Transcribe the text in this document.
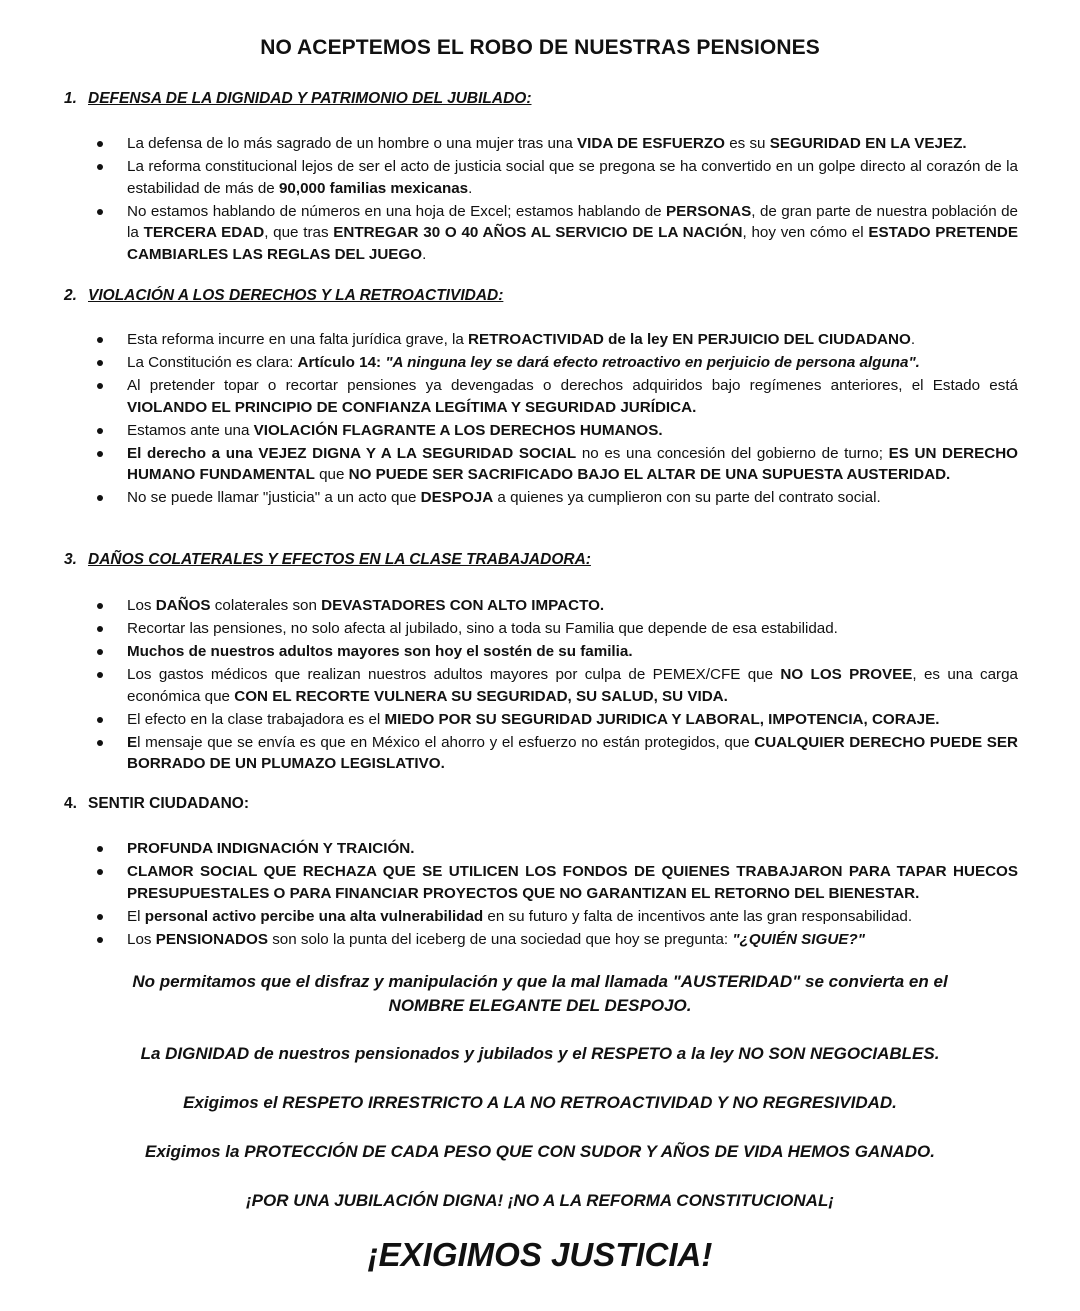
NO ACEPTEMOS EL ROBO DE NUESTRAS PENSIONES
1. DEFENSA DE LA DIGNIDAD Y PATRIMONIO DEL JUBILADO:
La defensa de lo más sagrado de un hombre o una mujer tras una VIDA DE ESFUERZO es su SEGURIDAD EN LA VEJEZ.
La reforma constitucional lejos de ser el acto de justicia social que se pregona se ha convertido en un golpe directo al corazón de la estabilidad de más de 90,000 familias mexicanas.
No estamos hablando de números en una hoja de Excel; estamos hablando de PERSONAS, de gran parte de nuestra población de la TERCERA EDAD, que tras ENTREGAR 30 O 40 AÑOS AL SERVICIO DE LA NACIÓN, hoy ven cómo el ESTADO PRETENDE CAMBIARLES LAS REGLAS DEL JUEGO.
2. VIOLACIÓN A LOS DERECHOS Y LA RETROACTIVIDAD:
Esta reforma incurre en una falta jurídica grave, la RETROACTIVIDAD de la ley EN PERJUICIO DEL CIUDADANO.
La Constitución es clara: Artículo 14: "A ninguna ley se dará efecto retroactivo en perjuicio de persona alguna".
Al pretender topar o recortar pensiones ya devengadas o derechos adquiridos bajo regímenes anteriores, el Estado está VIOLANDO EL PRINCIPIO DE CONFIANZA LEGÍTIMA Y SEGURIDAD JURÍDICA.
Estamos ante una VIOLACIÓN FLAGRANTE A LOS DERECHOS HUMANOS.
El derecho a una VEJEZ DIGNA Y A LA SEGURIDAD SOCIAL no es una concesión del gobierno de turno; ES UN DERECHO HUMANO FUNDAMENTAL que NO PUEDE SER SACRIFICADO BAJO EL ALTAR DE UNA SUPUESTA AUSTERIDAD.
No se puede llamar "justicia" a un acto que DESPOJA a quienes ya cumplieron con su parte del contrato social.
3. DAÑOS COLATERALES Y EFECTOS EN LA CLASE TRABAJADORA:
Los DAÑOS colaterales son DEVASTADORES CON ALTO IMPACTO.
Recortar las pensiones, no solo afecta al jubilado, sino a toda su Familia que depende de esa estabilidad.
Muchos de nuestros adultos mayores son hoy el sostén de su familia.
Los gastos médicos que realizan nuestros adultos mayores por culpa de PEMEX/CFE que NO LOS PROVEE, es una carga económica que CON EL RECORTE VULNERA SU SEGURIDAD, SU SALUD, SU VIDA.
El efecto en la clase trabajadora es el MIEDO POR SU SEGURIDAD JURIDICA Y LABORAL, IMPOTENCIA, CORAJE.
El mensaje que se envía es que en México el ahorro y el esfuerzo no están protegidos, que CUALQUIER DERECHO PUEDE SER BORRADO DE UN PLUMAZO LEGISLATIVO.
4. SENTIR CIUDADANO:
PROFUNDA INDIGNACIÓN Y TRAICIÓN.
CLAMOR SOCIAL QUE RECHAZA QUE SE UTILICEN LOS FONDOS DE QUIENES TRABAJARON PARA TAPAR HUECOS PRESUPUESTALES O PARA FINANCIAR PROYECTOS QUE NO GARANTIZAN EL RETORNO DEL BIENESTAR.
El personal activo percibe una alta vulnerabilidad en su futuro y falta de incentivos ante las gran responsabilidad.
Los PENSIONADOS son solo la punta del iceberg de una sociedad que hoy se pregunta: "¿QUIÉN SIGUE?"
No permitamos que el disfraz y manipulación y que la mal llamada "AUSTERIDAD" se convierta en el
NOMBRE ELEGANTE DEL DESPOJO.
La DIGNIDAD de nuestros pensionados y jubilados y el RESPETO a la ley NO SON NEGOCIABLES.
Exigimos el RESPETO IRRESTRICTO A LA NO RETROACTIVIDAD Y NO REGRESIVIDAD.
Exigimos la PROTECCIÓN DE CADA PESO QUE CON SUDOR Y AÑOS DE VIDA HEMOS GANADO.
¡POR UNA JUBILACIÓN DIGNA! ¡NO A LA REFORMA CONSTITUCIONAL¡
¡EXIGIMOS JUSTICIA!
